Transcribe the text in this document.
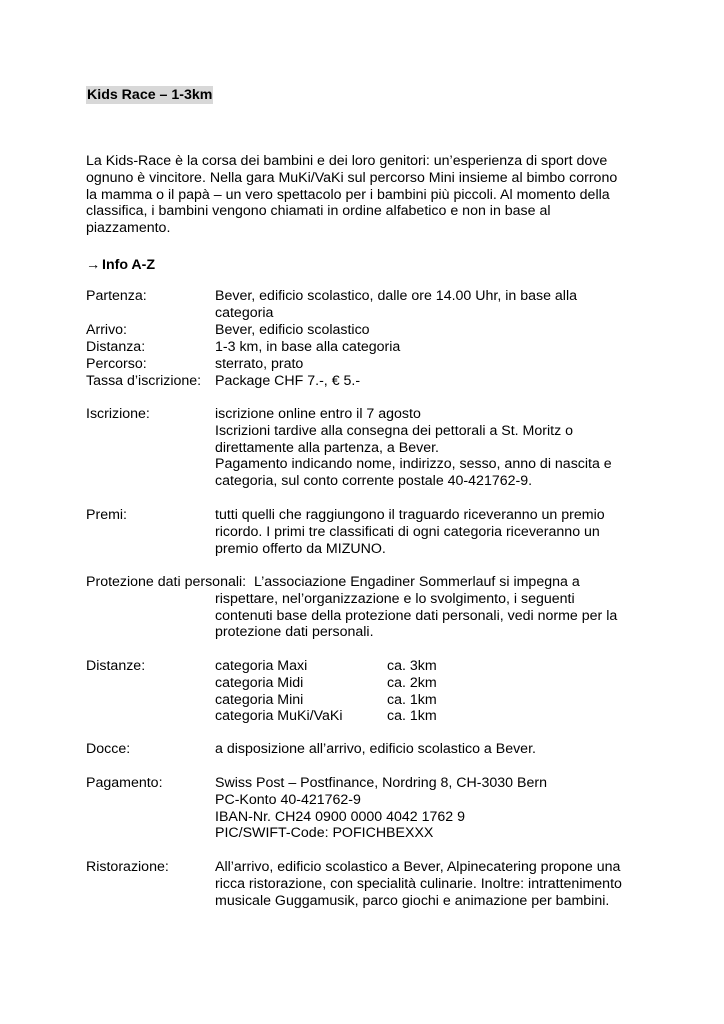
Kids Race – 1-3km
La Kids-Race è la corsa dei bambini e dei loro genitori: un’esperienza di sport dove
ognuno è vincitore. Nella gara MuKi/VaKi sul percorso Mini insieme al bimbo corrono
la mamma o il papà – un vero spettacolo per i bambini più piccoli. Al momento della
classifica, i bambini vengono chiamati in ordine alfabetico e non in base al
piazzamento.
→ Info A-Z
Partenza:	Bever, edificio scolastico, dalle ore 14.00 Uhr, in base alla
categoria
Arrivo:	Bever, edificio scolastico
Distanza:	1-3 km, in base alla categoria
Percorso:	sterrato, prato
Tassa d’iscrizione: Package CHF 7.-, € 5.-
Iscrizione:	iscrizione online entro il 7 agosto
Iscrizioni tardive alla consegna dei pettorali a St. Moritz o
direttamente alla partenza, a Bever.
Pagamento indicando nome, indirizzo, sesso, anno di nascita e
categoria, sul conto corrente postale 40-421762-9.
Premi:	tutti quelli che raggiungono il traguardo riceveranno un premio
ricordo. I primi tre classificati di ogni categoria riceveranno un
premio offerto da MIZUNO.
Protezione dati personali: L’associazione Engadiner Sommerlauf si impegna a
rispettare, nel’organizzazione e lo svolgimento, i seguenti
contenuti base della protezione dati personali, vedi norme per la
protezione dati personali.
Distanze:	categoria Maxi	ca. 3km
categoria Midi	ca. 2km
categoria Mini	ca. 1km
categoria MuKi/VaKi	ca. 1km
Docce:	a disposizione all’arrivo, edificio scolastico a Bever.
Pagamento:	Swiss Post – Postfinance, Nordring 8, CH-3030 Bern
PC-Konto 40-421762-9
IBAN-Nr. CH24 0900 0000 4042 1762 9
PIC/SWIFT-Code: POFICHBEXXX
Ristorazione:	All’arrivo, edificio scolastico a Bever, Alpinecatering propone una
ricca ristorazione, con specialità culinarie. Inoltre: intrattenimento
musicale Guggamusik, parco giochi e animazione per bambini.
